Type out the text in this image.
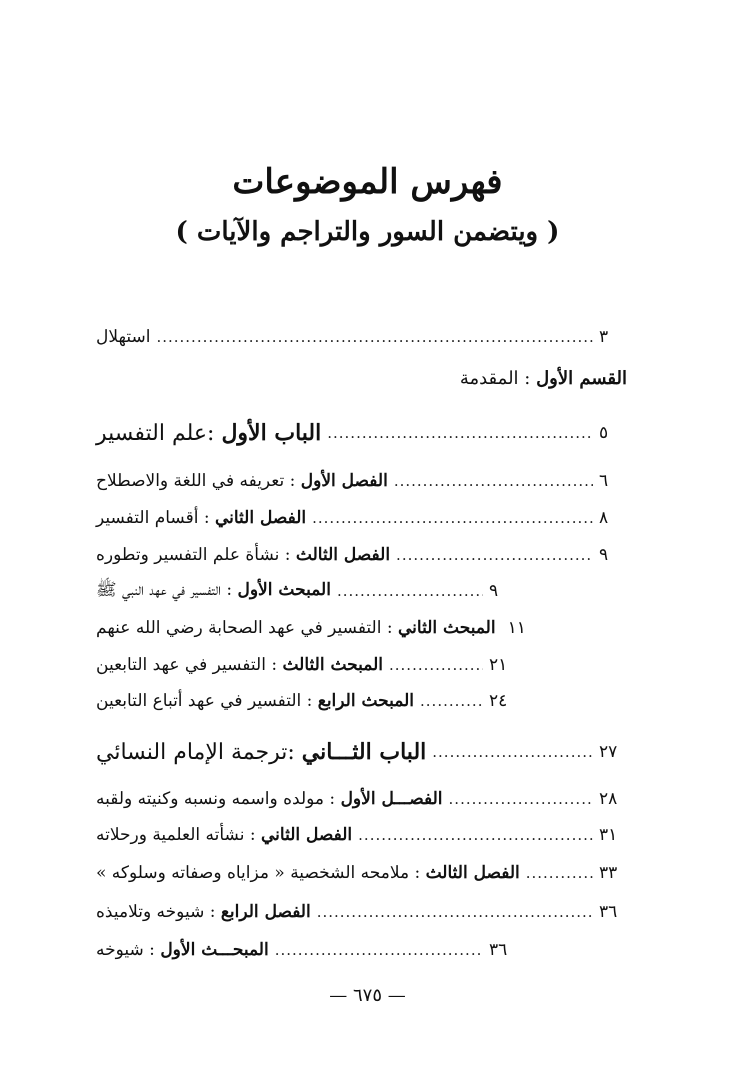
فهرس الموضوعات
( ويتضمن السور والتراجم والآيات )
استهلال .....	٣
القسم الأول : المقدمة
الباب الأول :علم التفسير .....	٥
الفصل الأول : تعريفه في اللغة والاصطلاح .....	٦
الفصل الثاني : أقسام التفسير .....	٨
الفصل الثالث : نشأة علم التفسير وتطوره .....	٩
المبحث الأول : التفسير في عهد النبي ﷺ .....	٩
المبحث الثاني : التفسير في عهد الصحابة رضي الله عنهم	١١
المبحث الثالث : التفسير في عهد التابعين .....	٢١
المبحث الرابع : التفسير في عهد أتباع التابعين .....	٢٤
الباب الثـــاني :ترجمة الإمام النسائي .....	٢٧
الفصـــل الأول : مولده واسمه ونسبه وكنيته ولقبه .....	٢٨
الفصل الثاني : نشأته العلمية ورحلاته .....	٣١
الفصل الثالث : ملامحه الشخصية « مزاياه وصفاته وسلوكه » .....	٣٣
الفصل الرابع : شيوخه وتلاميذه .....	٣٦
المبحـــث الأول : شيوخه .....	٣٦
— ٦٧٥ —
